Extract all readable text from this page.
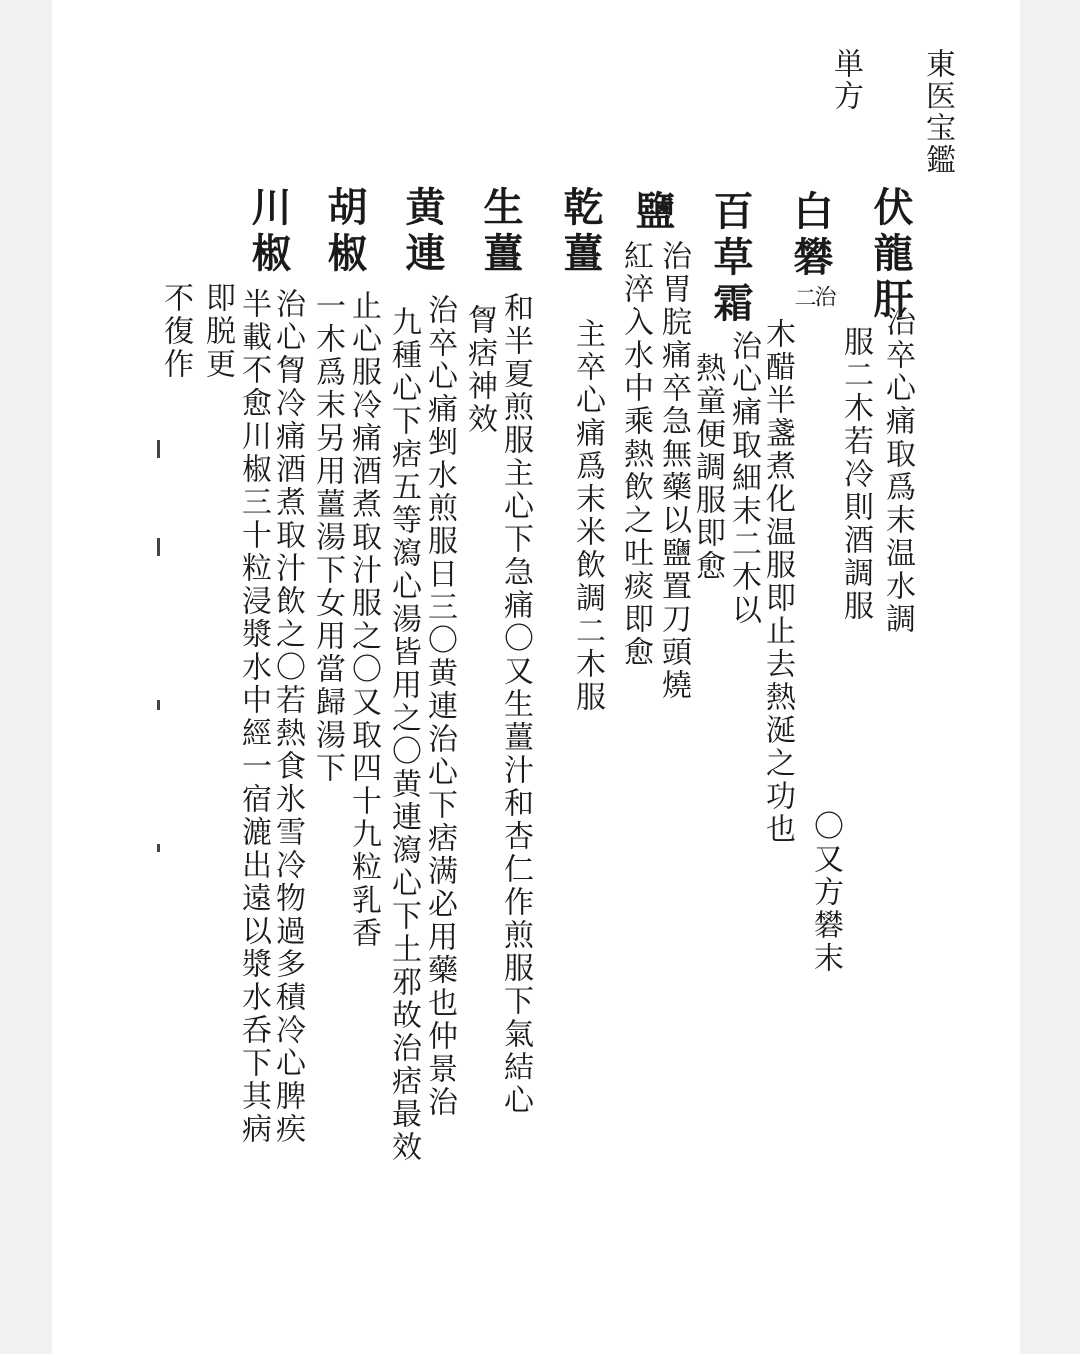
東医宝鑑
単方
伏龍肝
治卒心痛取爲末温水調
服二木若冷則酒調服
白礬
治
二
木醋半盞煮化温服即止去熱涎之功也
〇又方礬末
百草霜
治心痛取細末二木以
熱童便調服即愈
鹽
治胃脘痛卒急無藥以鹽置刀頭燒
紅淬入水中乘熱飲之吐痰即愈
乾薑
主卒心痛爲末米飲調二木服
生薑
和半夏煎服主心下急痛〇又生薑汁和杏仁作煎服下氣結心
胷痞神效
黄連
治卒心痛剉水煎服日三〇黄連治心下痞满必用藥也仲景治
九種心下痞五等瀉心湯皆用之〇黄連瀉心下土邪故治痞最效
胡椒
止心服冷痛酒煮取汁服之〇又取四十九粒乳香
一木爲末另用薑湯下女用當歸湯下
川椒
治心胷冷痛酒煮取汁飲之〇若熱食氷雪冷物過多積冷心脾疾
半載不愈川椒三十粒浸漿水中經一宿漉出遠以漿水呑下其病
即脱更
不復作
